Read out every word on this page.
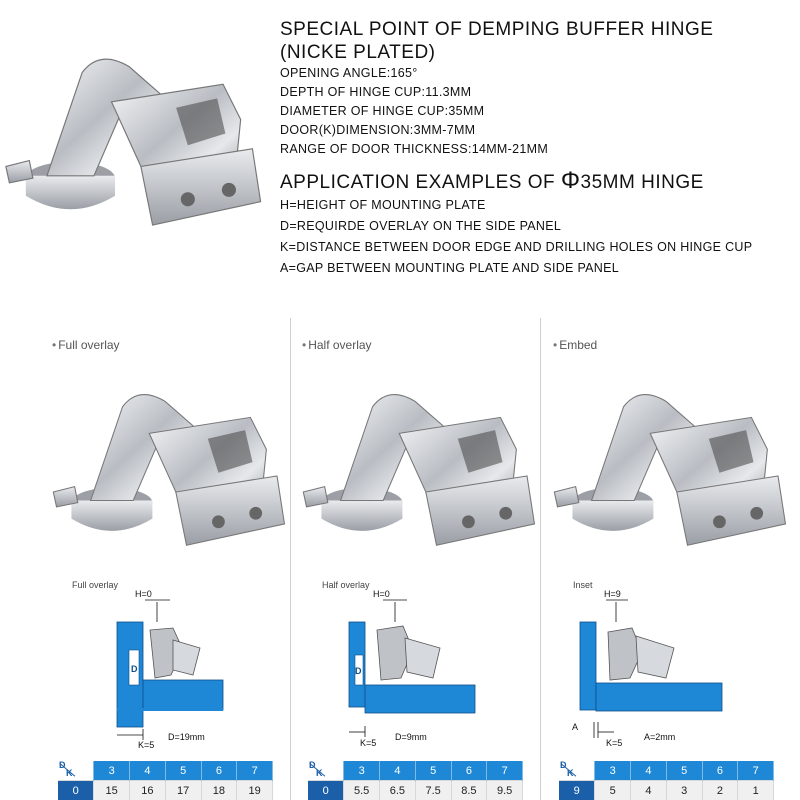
SPECIAL POINT OF DEMPING BUFFER HINGE
(NICKE PLATED)

OPENING ANGLE:165°

DEPTH OF HINGE CUP:11.3MM

DIAMETER OF HINGE CUP:35MM

DOOR(K)DIMENSION:3MM-7MM

RANGE OF DOOR THICKNESS:14MM-21MM

APPLICATION EXAMPLES OF Φ35MM HINGE

H=HEIGHT OF MOUNTING PLATE

D=REQUIRDE OVERLAY ON THE SIDE PANEL

K=DISTANCE BETWEEN DOOR EDGE AND DRILLING HOLES ON HINGE CUP

A=GAP BETWEEN MOUNTING PLATE AND SIDE PANEL

• Full overlay
Full overlay
H=0
D
K=5
D=19mm
D
K	3	4	5	6	7
0	15	16	17	18	19
• Half overlay
Half overlay
H=0
D
K=5
D=9mm
D
K	3	4	5	6	7
0	5.5	6.5	7.5	8.5	9.5
• Embed
Inset
H=9
A
K=5
A=2mm
D
K	3	4	5	6	7
9	5	4	3	2	1
